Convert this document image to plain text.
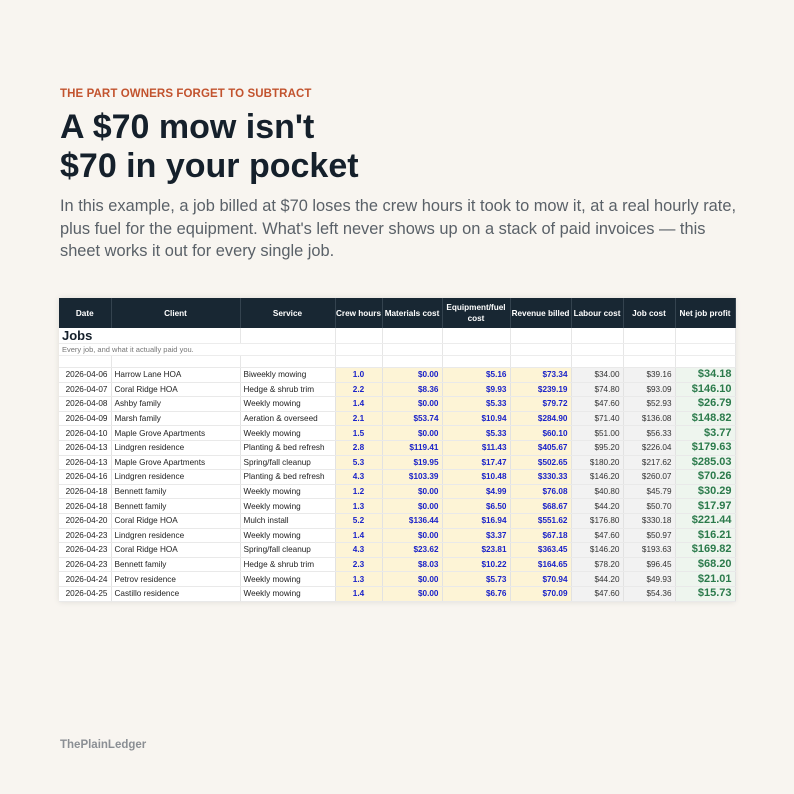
THE PART OWNERS FORGET TO SUBTRACT
A $70 mow isn't
$70 in your pocket

In this example, a job billed at $70 loses the crew hours it took to mow it, at a real hourly rate, plus fuel for the equipment. What's left never shows up on a stack of paid invoices — this sheet works it out for every single job.

Jobs									
Every job, and what it actually paid you.									

Date	Client	Service	Crew hours	Materials cost	Equipment/fuel cost	Revenue billed	Labour cost	Job cost	Net job profit
2026-04-06	Harrow Lane HOA	Biweekly mowing	1.0	$0.00	$5.16	$73.34	$34.00	$39.16	$34.18
2026-04-07	Coral Ridge HOA	Hedge & shrub trim	2.2	$8.36	$9.93	$239.19	$74.80	$93.09	$146.10
2026-04-08	Ashby family	Weekly mowing	1.4	$0.00	$5.33	$79.72	$47.60	$52.93	$26.79
2026-04-09	Marsh family	Aeration & overseed	2.1	$53.74	$10.94	$284.90	$71.40	$136.08	$148.82
2026-04-10	Maple Grove Apartments	Weekly mowing	1.5	$0.00	$5.33	$60.10	$51.00	$56.33	$3.77
2026-04-13	Lindgren residence	Planting & bed refresh	2.8	$119.41	$11.43	$405.67	$95.20	$226.04	$179.63
2026-04-13	Maple Grove Apartments	Spring/fall cleanup	5.3	$19.95	$17.47	$502.65	$180.20	$217.62	$285.03
2026-04-16	Lindgren residence	Planting & bed refresh	4.3	$103.39	$10.48	$330.33	$146.20	$260.07	$70.26
2026-04-18	Bennett family	Weekly mowing	1.2	$0.00	$4.99	$76.08	$40.80	$45.79	$30.29
2026-04-18	Bennett family	Weekly mowing	1.3	$0.00	$6.50	$68.67	$44.20	$50.70	$17.97
2026-04-20	Coral Ridge HOA	Mulch install	5.2	$136.44	$16.94	$551.62	$176.80	$330.18	$221.44
2026-04-23	Lindgren residence	Weekly mowing	1.4	$0.00	$3.37	$67.18	$47.60	$50.97	$16.21
2026-04-23	Coral Ridge HOA	Spring/fall cleanup	4.3	$23.62	$23.81	$363.45	$146.20	$193.63	$169.82
2026-04-23	Bennett family	Hedge & shrub trim	2.3	$8.03	$10.22	$164.65	$78.20	$96.45	$68.20
2026-04-24	Petrov residence	Weekly mowing	1.3	$0.00	$5.73	$70.94	$44.20	$49.93	$21.01
2026-04-25	Castillo residence	Weekly mowing	1.4	$0.00	$6.76	$70.09	$47.60	$54.36	$15.73
ThePlainLedger
